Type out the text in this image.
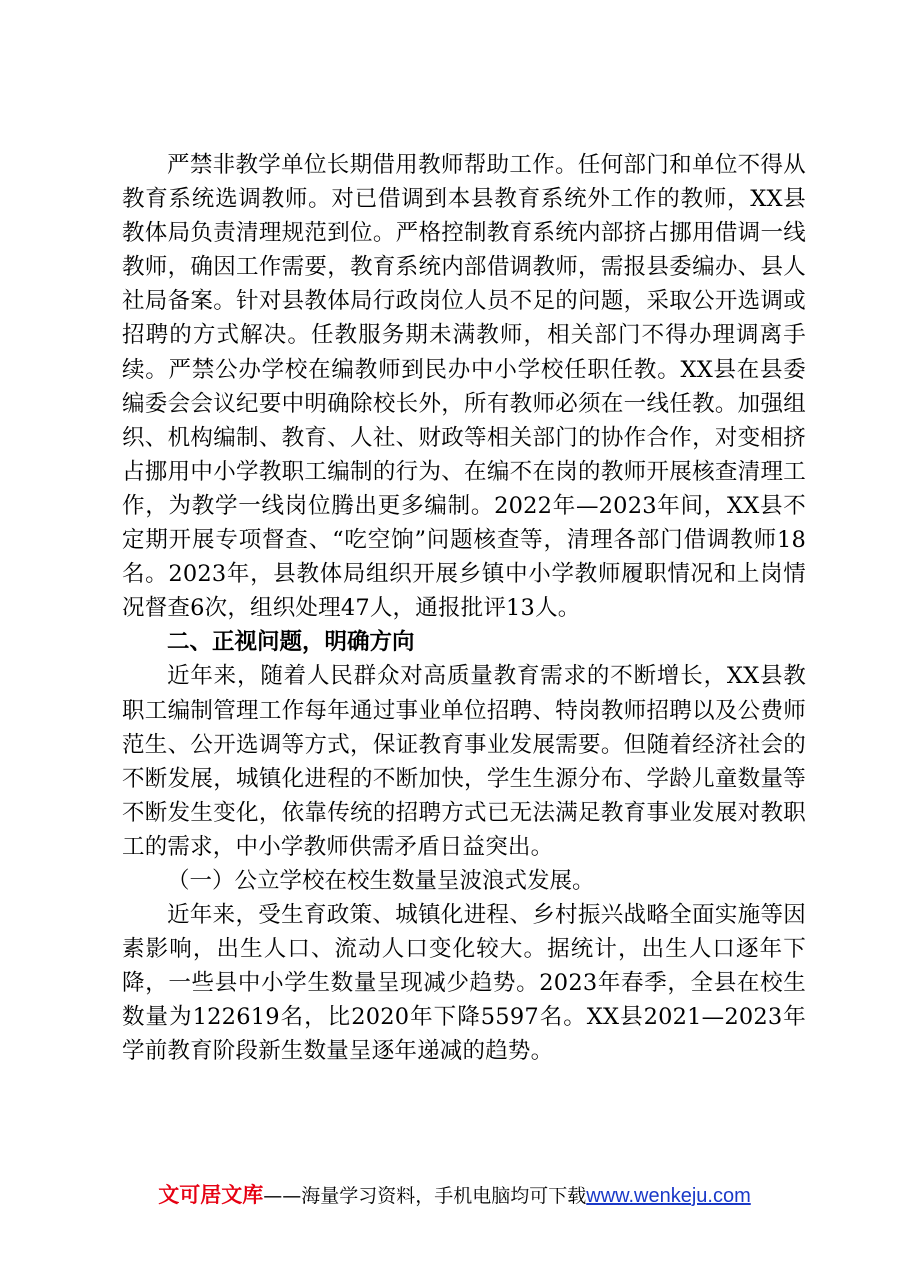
严禁非教学单位长期借用教师帮助工作。任何部门和单位不得从教育系统选调教师。对已借调到本县教育系统外工作的教师，XX县教体局负责清理规范到位。严格控制教育系统内部挤占挪用借调一线教师，确因工作需要，教育系统内部借调教师，需报县委编办、县人社局备案。针对县教体局行政岗位人员不足的问题，采取公开选调或招聘的方式解决。任教服务期未满教师，相关部门不得办理调离手续。严禁公办学校在编教师到民办中小学校任职任教。XX县在县委编委会会议纪要中明确除校长外，所有教师必须在一线任教。加强组织、机构编制、教育、人社、财政等相关部门的协作合作，对变相挤占挪用中小学教职工编制的行为、在编不在岗的教师开展核查清理工作，为教学一线岗位腾出更多编制。2022年—2023年间，XX县不定期开展专项督查、“吃空饷”问题核查等，清理各部门借调教师18名。2023年，县教体局组织开展乡镇中小学教师履职情况和上岗情况督查6次，组织处理47人，通报批评13人。

二、正视问题，明确方向

近年来，随着人民群众对高质量教育需求的不断增长，XX县教职工编制管理工作每年通过事业单位招聘、特岗教师招聘以及公费师范生、公开选调等方式，保证教育事业发展需要。但随着经济社会的不断发展，城镇化进程的不断加快，学生生源分布、学龄儿童数量等不断发生变化，依靠传统的招聘方式已无法满足教育事业发展对教职工的需求，中小学教师供需矛盾日益突出。

（一）公立学校在校生数量呈波浪式发展。

近年来，受生育政策、城镇化进程、乡村振兴战略全面实施等因素影响，出生人口、流动人口变化较大。据统计，出生人口逐年下降，一些县中小学生数量呈现减少趋势。2023年春季，全县在校生数量为122619名，比2020年下降5597名。XX县2021—2023年学前教育阶段新生数量呈逐年递减的趋势。

文可居文库——海量学习资料，手机电脑均可下载www.wenkeju.com
